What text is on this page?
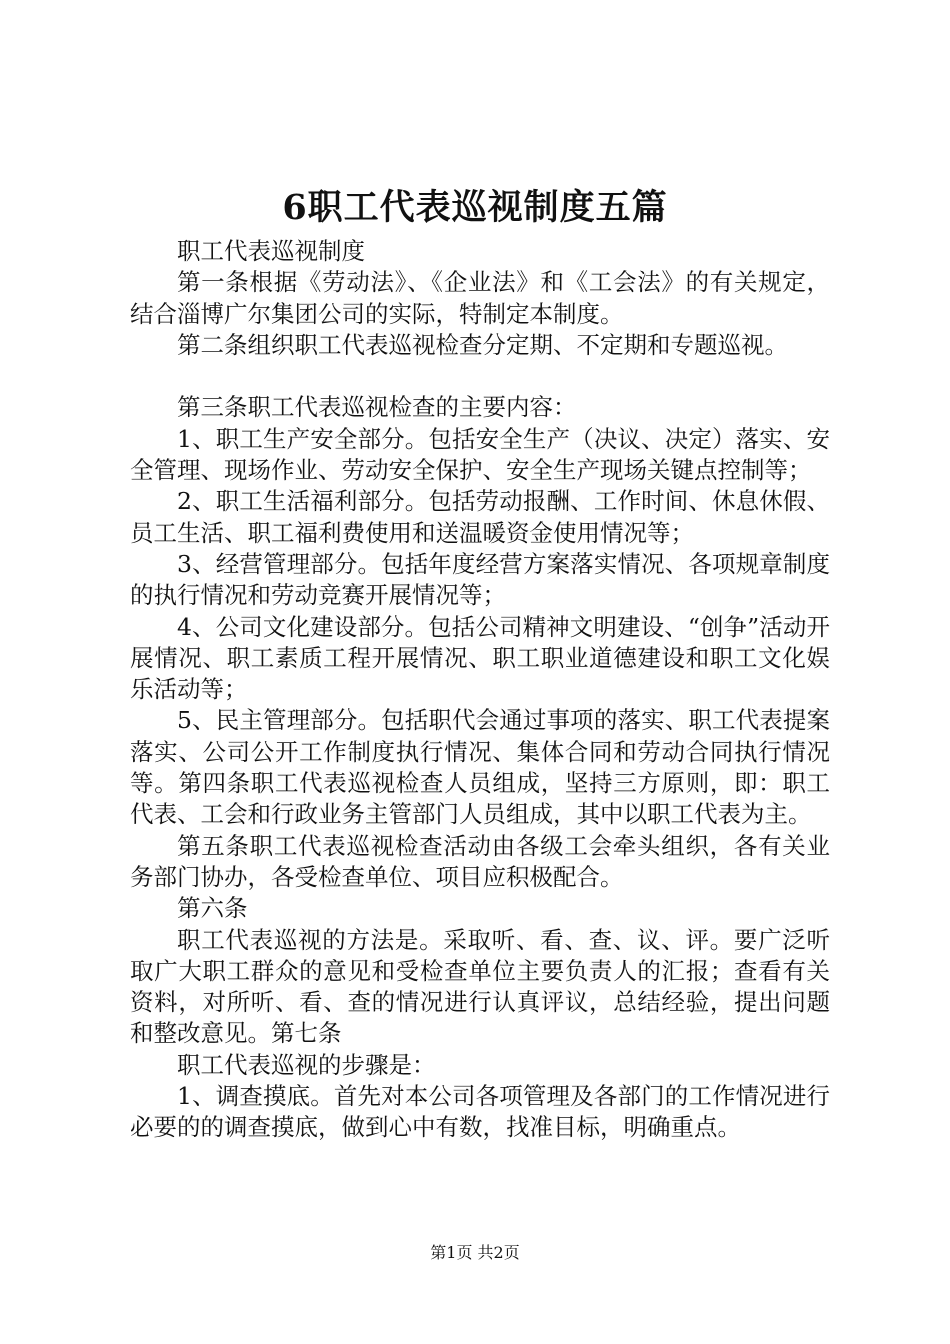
6职工代表巡视制度五篇

职工代表巡视制度

第一条根据《劳动法》、《企业法》和《工会法》的有关规定，结合淄博广尔集团公司的实际，特制定本制度。

第二条组织职工代表巡视检查分定期、不定期和专题巡视。

第三条职工代表巡视检查的主要内容：

1、职工生产安全部分。包括安全生产（决议、决定）落实、安全管理、现场作业、劳动安全保护、安全生产现场关键点控制等；

2、职工生活福利部分。包括劳动报酬、工作时间、休息休假、员工生活、职工福利费使用和送温暖资金使用情况等；

3、经营管理部分。包括年度经营方案落实情况、各项规章制度的执行情况和劳动竞赛开展情况等；

4、公司文化建设部分。包括公司精神文明建设、“创争”活动开展情况、职工素质工程开展情况、职工职业道德建设和职工文化娱乐活动等；

5、民主管理部分。包括职代会通过事项的落实、职工代表提案落实、公司公开工作制度执行情况、集体合同和劳动合同执行情况等。第四条职工代表巡视检查人员组成，坚持三方原则，即：职工代表、工会和行政业务主管部门人员组成，其中以职工代表为主。

第五条职工代表巡视检查活动由各级工会牵头组织，各有关业务部门协办，各受检查单位、项目应积极配合。

第六条

职工代表巡视的方法是。采取听、看、查、议、评。要广泛听取广大职工群众的意见和受检查单位主要负责人的汇报；查看有关资料，对所听、看、查的情况进行认真评议，总结经验，提出问题和整改意见。第七条

职工代表巡视的步骤是：

1、调查摸底。首先对本公司各项管理及各部门的工作情况进行必要的的调查摸底，做到心中有数，找准目标，明确重点。

第1页 共2页
